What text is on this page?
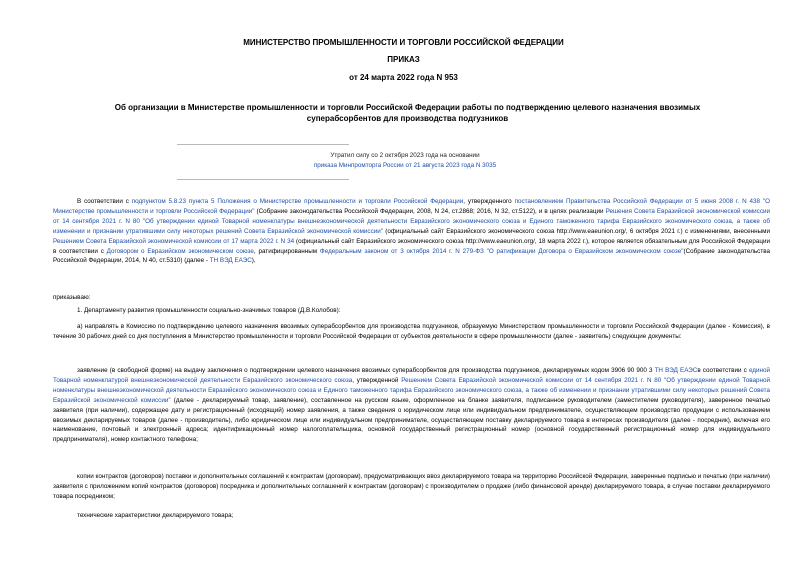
МИНИСТЕРСТВО ПРОМЫШЛЕННОСТИ И ТОРГОВЛИ РОССИЙСКОЙ ФЕДЕРАЦИИ
ПРИКАЗ
от 24 марта 2022 года N 953
Об организации в Министерстве промышленности и торговли Российской Федерации работы по подтверждению целевого назначения ввозимых суперабсорбентов для производства подгузников
Утратил силу со 2 октября 2023 года на основании
приказа Минпромторга России от 21 августа 2023 года N 3035
В соответствии с подпунктом 5.8.23 пункта 5 Положения о Министерстве промышленности и торговли Российской Федерации, утвержденного постановлением Правительства Российской Федерации от 5 июня 2008 г. N 438 "О Министерстве промышленности и торговли Российской Федерации" (Собрание законодательства Российской Федерации, 2008, N 24, ст.2868; 2016, N 32, ст.5122), и в целях реализации Решения Совета Евразийской экономической комиссии от 14 сентября 2021 г. N 80 "Об утверждении единой Товарной номенклатуры внешнеэкономической деятельности Евразийского экономического союза и Единого таможенного тарифа Евразийского экономического союза, а также об изменении и признании утратившими силу некоторых решений Совета Евразийской экономической комиссии" (официальный сайт Евразийского экономического союза http://www.eaeunion.org/, 6 октября 2021 г.) с изменениями, внесенными Решением Совета Евразийской экономической комиссии от 17 марта 2022 г. N 34 (официальный сайт Евразийского экономического союза http://www.eaeunion.org/, 18 марта 2022 г.), которое является обязательным для Российской Федерации в соответствии с Договором о Евразийском экономическом союзе, ратифицированным Федеральным законом от 3 октября 2014 г. N 279-ФЗ "О ратификации Договора о Евразийском экономическом союзе"(Собрание законодательства Российской Федерации, 2014, N 40, ст.5310) (далее - ТН ВЭД ЕАЭС),
приказываю:
1. Департаменту развития промышленности социально-значимых товаров (Д.В.Колобов):
а) направлять в Комиссию по подтверждению целевого назначения ввозимых суперабсорбентов для производства подгузников, образуемую Министерством промышленности и торговли Российской Федерации (далее - Комиссия), в течение 30 рабочих дней со дня поступления в Министерство промышленности и торговли Российской Федерации от субъектов деятельности в сфере промышленности (далее - заявитель) следующие документы:
заявление (в свободной форме) на выдачу заключения о подтверждении целевого назначения ввозимых суперабсорбентов для производства подгузников, декларируемых кодом 3906 90 900 3 ТН ВЭД ЕАЭСв соответствии с единой Товарной номенклатурой внешнеэкономической деятельности Евразийского экономического союза, утвержденной Решением Совета Евразийской экономической комиссии от 14 сентября 2021 г. N 80 "Об утверждении единой Товарной номенклатуры внешнеэкономической деятельности Евразийского экономического союза и Единого таможенного тарифа Евразийского экономического союза, а также об изменении и признании утратившими силу некоторых решений Совета Евразийской экономической комиссии" (далее - декларируемый товар, заявление), составленное на русском языке, оформленное на бланке заявителя, подписанное руководителем (заместителем руководителя), заверенное печатью заявителя (при наличии), содержащее дату и регистрационный (исходящий) номер заявления, а также сведения о юридическом лице или индивидуальном предпринимателе, осуществляющем производство продукции с использованием ввозимых декларируемых товаров (далее - производитель), либо юридическом лице или индивидуальном предпринимателе, осуществляющем поставку декларируемого товара в интересах производителя (далее - посредник), включая его наименование, почтовый и электронный адреса; идентификационный номер налогоплательщика, основной государственный регистрационный номер (основной государственный регистрационный номер для индивидуального предпринимателя), номер контактного телефона;
копии контрактов (договоров) поставки и дополнительных соглашений к контрактам (договорам), предусматривающих ввоз декларируемого товара на территорию Российской Федерации, заверенные подписью и печатью (при наличии) заявителя с приложением копий контрактов (договоров) посредника и дополнительных соглашений к контрактам (договорам) с производителем о продаже (либо финансовой аренде) декларируемого товара, в случае поставки декларируемого товара посредником;
технические характеристики декларируемого товара;
